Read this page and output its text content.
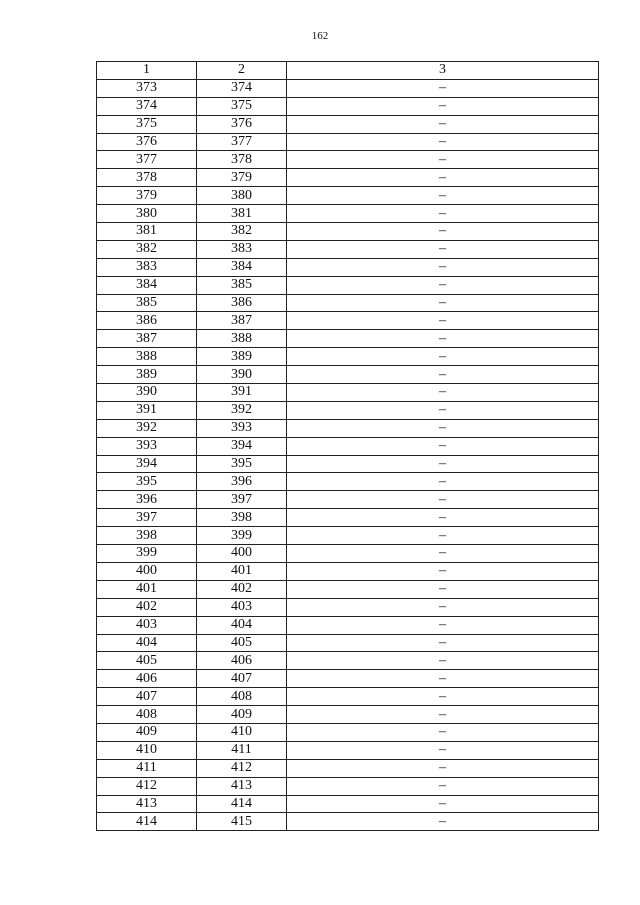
162
1	2	3
373	374	–
374	375	–
375	376	–
376	377	–
377	378	–
378	379	–
379	380	–
380	381	–
381	382	–
382	383	–
383	384	–
384	385	–
385	386	–
386	387	–
387	388	–
388	389	–
389	390	–
390	391	–
391	392	–
392	393	–
393	394	–
394	395	–
395	396	–
396	397	–
397	398	–
398	399	–
399	400	–
400	401	–
401	402	–
402	403	–
403	404	–
404	405	–
405	406	–
406	407	–
407	408	–
408	409	–
409	410	–
410	411	–
411	412	–
412	413	–
413	414	–
414	415	–
